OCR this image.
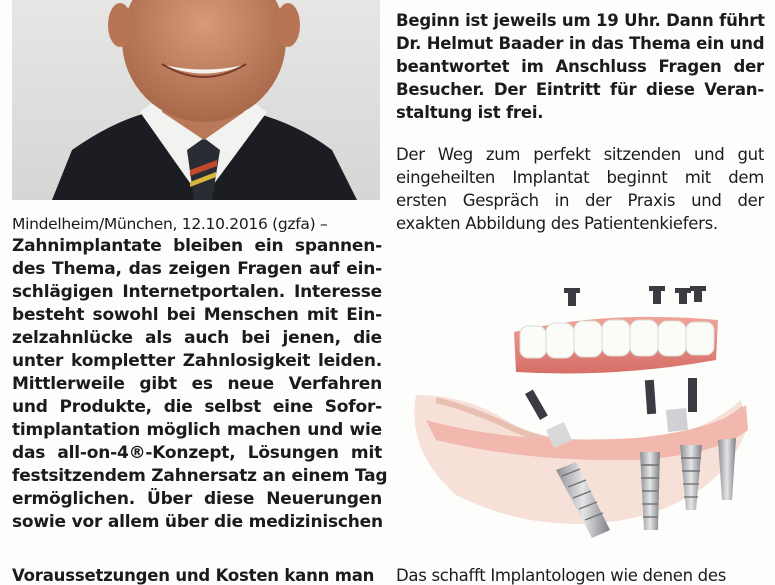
Mindelheim/München, 12.10.2016 (gzfa) –
Zahnimplantate bleiben ein spannen-
des Thema, das zeigen Fragen auf ein-
schlägigen Internetportalen. Interesse
besteht sowohl bei Menschen mit Ein-
zelzahnlücke als auch bei jenen, die
unter kompletter Zahnlosigkeit leiden.
Mittlerweile gibt es neue Verfahren
und Produkte, die selbst eine Sofor-
timplantation möglich machen und wie
das all-on-4®-Konzept, Lösungen mit
festsitzendem Zahnersatz an einem Tag
ermöglichen. Über diese Neuerungen
sowie vor allem über die medizinischen
Voraussetzungen und Kosten kann man
Beginn ist jeweils um 19 Uhr. Dann führt
Dr. Helmut Baader in das Thema ein und
beantwortet im Anschluss Fragen der
Besucher. Der Eintritt für diese Veran-
staltung ist frei.
Der Weg zum perfekt sitzenden und gut
eingeheilten Implantat beginnt mit dem
ersten Gespräch in der Praxis und der
exakten Abbildung des Patientenkiefers.
Das schafft Implantologen wie denen des
